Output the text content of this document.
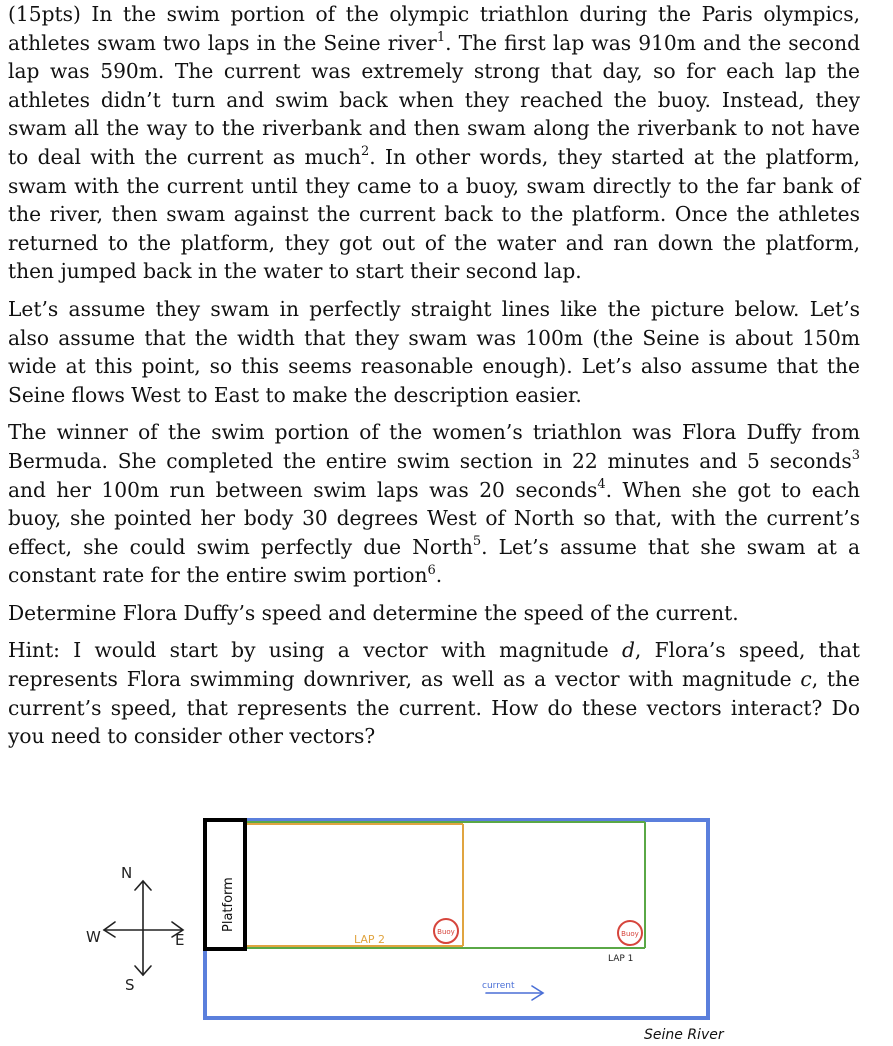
(15pts) In the swim portion of the olympic triathlon during the Paris olympics, athletes swam two laps in the Seine river$^1$. The first lap was 910m and the second lap was 590m. The current was extremely strong that day, so for each lap the athletes didn’t turn and swim back when they reached the buoy. Instead, they swam all the way to the riverbank and then swam along the riverbank to not have to deal with the current as much$^2$. In other words, they started at the platform, swam with the current until they came to a buoy, swam directly to the far bank of the river, then swam against the current back to the platform. Once the athletes returned to the platform, they got out of the water and ran down the platform, then jumped back in the water to start their second lap.

Let’s assume they swam in perfectly straight lines like the picture below. Let’s also assume that the width that they swam was 100m (the Seine is about 150m wide at this point, so this seems reasonable enough). Let’s also assume that the Seine flows West to East to make the description easier.

The winner of the swim portion of the women’s triathlon was Flora Duffy from Bermuda. She completed the entire swim section in 22 minutes and 5 seconds$^3$ and her 100m run between swim laps was 20 seconds$^4$. When she got to each buoy, she pointed her body 30 degrees West of North so that, with the current’s effect, she could swim perfectly due North$^5$. Let’s assume that she swam at a constant rate for the entire swim portion$^6$.

Determine Flora Duffy’s speed and determine the speed of the current.

Hint: I would start by using a vector with magnitude d, Flora’s speed, that represents Flora swimming downriver, as well as a vector with magnitude c, the current’s speed, that represents the current. How do these vectors interact? Do you need to consider other vectors?

N
S
E
W
Platform	Buoy	Buoy
LAP 2
LAP 1
current
Seine River
